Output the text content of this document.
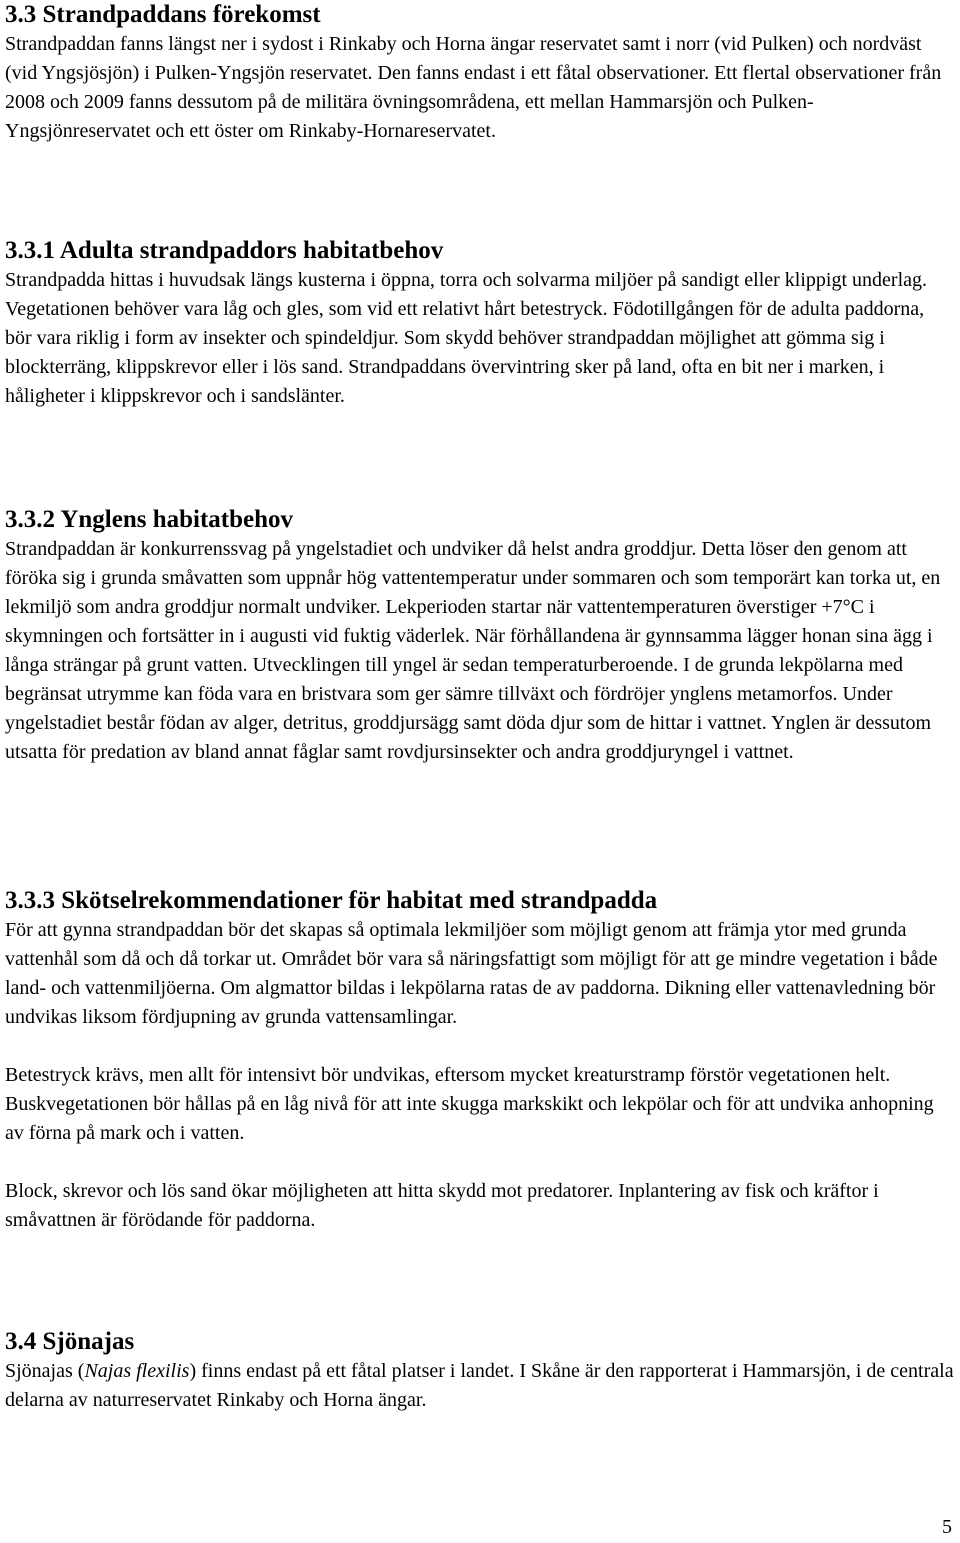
3.3 Strandpaddans förekomst

Strandpaddan fanns längst ner i sydost i Rinkaby och Horna ängar reservatet samt i norr (vid Pulken) och nordväst (vid Yngsjösjön) i Pulken-Yngsjön reservatet. Den fanns endast i ett fåtal observationer. Ett flertal observationer från 2008 och 2009 fanns dessutom på de militära övningsområdena, ett mellan Hammarsjön och Pulken-Yngsjönreservatet och ett öster om Rinkaby-Hornareservatet.

3.3.1 Adulta strandpaddors habitatbehov

Strandpadda hittas i huvudsak längs kusterna i öppna, torra och solvarma miljöer på sandigt eller klippigt underlag. Vegetationen behöver vara låg och gles, som vid ett relativt hårt betestryck. Födotillgången för de adulta paddorna, bör vara riklig i form av insekter och spindeldjur. Som skydd behöver strandpaddan möjlighet att gömma sig i blockterräng, klippskrevor eller i lös sand. Strandpaddans övervintring sker på land, ofta en bit ner i marken, i håligheter i klippskrevor och i sandslänter.

3.3.2 Ynglens habitatbehov

Strandpaddan är konkurrenssvag på yngelstadiet och undviker då helst andra groddjur. Detta löser den genom att föröka sig i grunda småvatten som uppnår hög vattentemperatur under sommaren och som temporärt kan torka ut, en lekmiljö som andra groddjur normalt undviker. Lekperioden startar när vattentemperaturen överstiger +7°C i skymningen och fortsätter in i augusti vid fuktig väderlek. När förhållandena är gynnsamma lägger honan sina ägg i långa strängar på grunt vatten. Utvecklingen till yngel är sedan temperaturberoende. I de grunda lekpölarna med begränsat utrymme kan föda vara en bristvara som ger sämre tillväxt och fördröjer ynglens metamorfos. Under yngelstadiet består födan av alger, detritus, groddjursägg samt döda djur som de hittar i vattnet. Ynglen är dessutom utsatta för predation av bland annat fåglar samt rovdjursinsekter och andra groddjuryngel i vattnet.

3.3.3 Skötselrekommendationer för habitat med strandpadda

För att gynna strandpaddan bör det skapas så optimala lekmiljöer som möjligt genom att främja ytor med grunda vattenhål som då och då torkar ut. Området bör vara så näringsfattigt som möjligt för att ge mindre vegetation i både land- och vattenmiljöerna. Om algmattor bildas i lekpölarna ratas de av paddorna. Dikning eller vattenavledning bör undvikas liksom fördjupning av grunda vattensamlingar.

Betestryck krävs, men allt för intensivt bör undvikas, eftersom mycket kreaturstramp förstör vegetationen helt. Buskvegetationen bör hållas på en låg nivå för att inte skugga markskikt och lekpölar och för att undvika anhopning av förna på mark och i vatten.

Block, skrevor och lös sand ökar möjligheten att hitta skydd mot predatorer. Inplantering av fisk och kräftor i småvattnen är förödande för paddorna.

3.4 Sjönajas

Sjönajas (Najas flexilis) finns endast på ett fåtal platser i landet. I Skåne är den rapporterat i Hammarsjön, i de centrala delarna av naturreservatet Rinkaby och Horna ängar.

5
